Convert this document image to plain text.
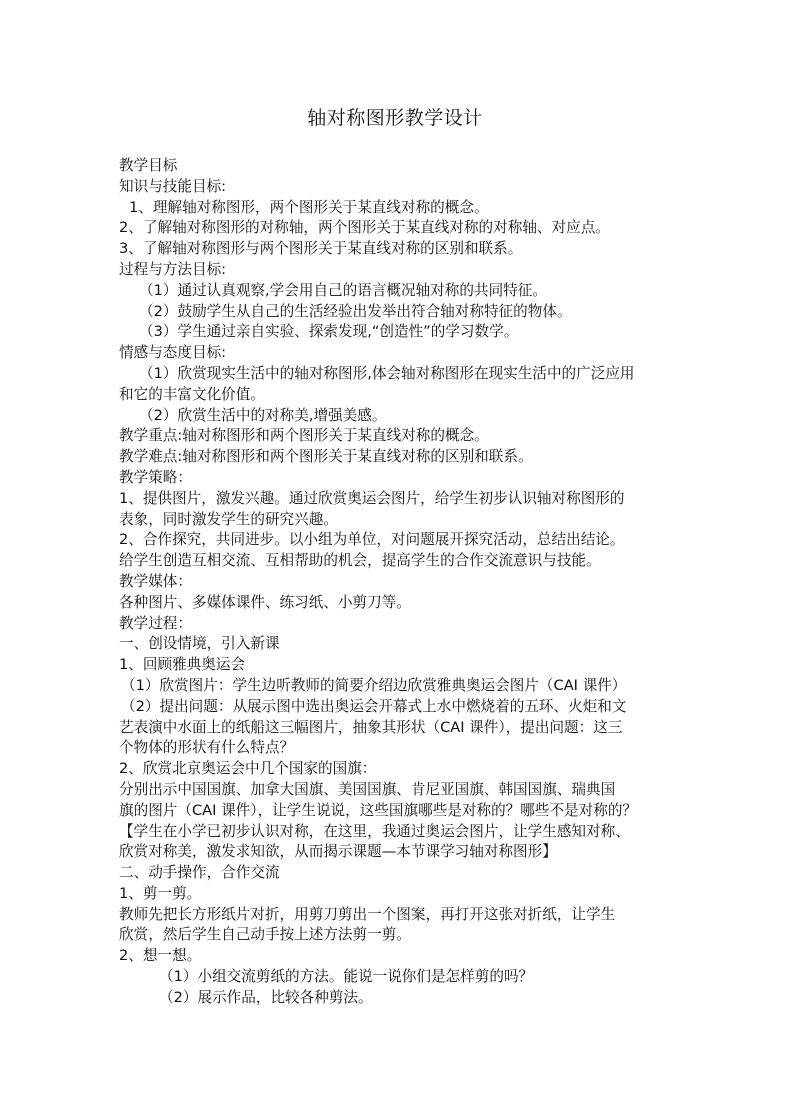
轴对称图形教学设计
教学目标
知识与技能目标:
1、理解轴对称图形，两个图形关于某直线对称的概念。
2、了解轴对称图形的对称轴，两个图形关于某直线对称的对称轴、对应点。
3、了解轴对称图形与两个图形关于某直线对称的区别和联系。
过程与方法目标:
（1）通过认真观察,学会用自己的语言概况轴对称的共同特征。
（2）鼓励学生从自己的生活经验出发举出符合轴对称特征的物体。
（3）学生通过亲自实验、探索发现,“创造性”的学习数学。
情感与态度目标:
（1）欣赏现实生活中的轴对称图形,体会轴对称图形在现实生活中的广泛应用
和它的丰富文化价值。
（2）欣赏生活中的对称美,增强美感。
教学重点:轴对称图形和两个图形关于某直线对称的概念。
教学难点:轴对称图形和两个图形关于某直线对称的区别和联系。
教学策略：
1、提供图片，激发兴趣。通过欣赏奥运会图片，给学生初步认识轴对称图形的
表象，同时激发学生的研究兴趣。
2、合作探究，共同进步。以小组为单位，对问题展开探究活动，总结出结论。
给学生创造互相交流、互相帮助的机会，提高学生的合作交流意识与技能。
教学媒体：
各种图片、多媒体课件、练习纸、小剪刀等。
教学过程：
一、创设情境，引入新课
1、回顾雅典奥运会
（1）欣赏图片：学生边听教师的简要介绍边欣赏雅典奥运会图片（CAI 课件）
（2）提出问题：从展示图中选出奥运会开幕式上水中燃烧着的五环、火炬和文
艺表演中水面上的纸船这三幅图片，抽象其形状（CAI 课件），提出问题：这三
个物体的形状有什么特点？
2、欣赏北京奥运会中几个国家的国旗：
分别出示中国国旗、加拿大国旗、美国国旗、肯尼亚国旗、韩国国旗、瑞典国
旗的图片（CAI 课件），让学生说说，这些国旗哪些是对称的？哪些不是对称的？
【学生在小学已初步认识对称，在这里，我通过奥运会图片，让学生感知对称、
欣赏对称美，激发求知欲，从而揭示课题—本节课学习轴对称图形】
二、动手操作，合作交流
1、剪一剪。
教师先把长方形纸片对折，用剪刀剪出一个图案，再打开这张对折纸，让学生
欣赏，然后学生自己动手按上述方法剪一剪。
2、想一想。
（1）小组交流剪纸的方法。能说一说你们是怎样剪的吗？
（2）展示作品，比较各种剪法。
